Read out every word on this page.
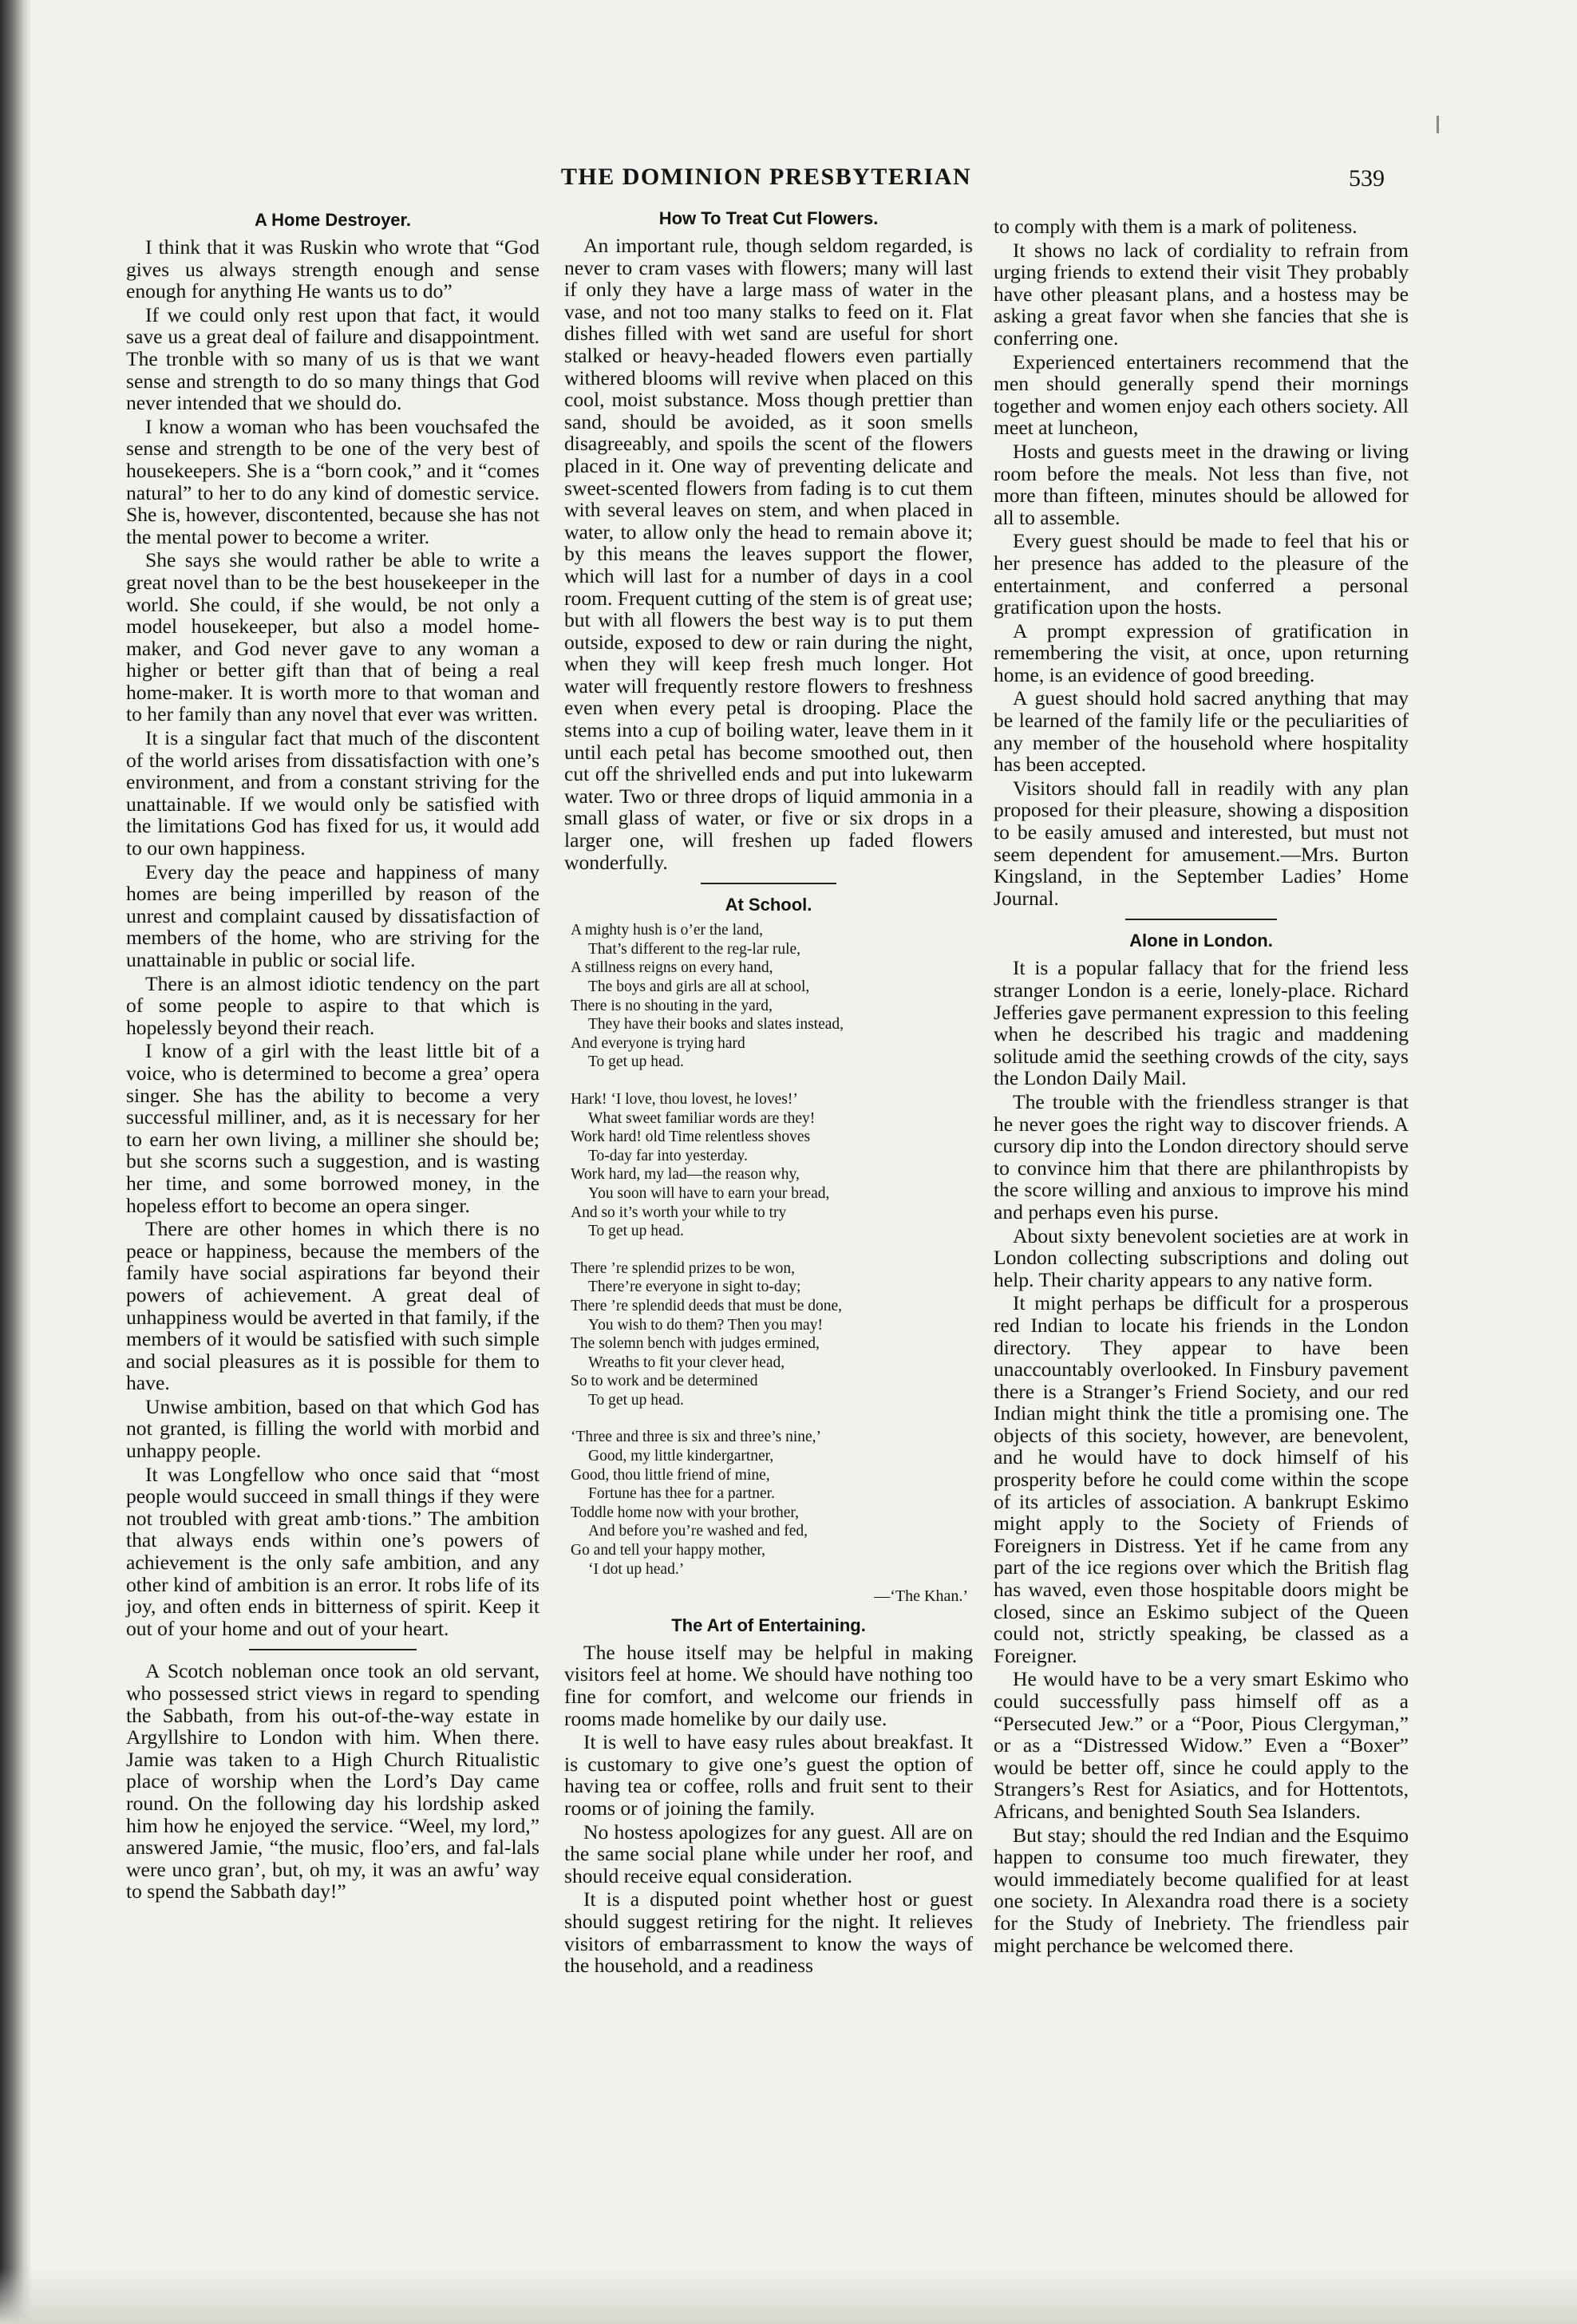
THE DOMINION PRESBYTERIAN	539
A Home Destroyer.

I think that it was Ruskin who wrote that “God gives us always strength enough and sense enough for anything He wants us to do”

If we could only rest upon that fact, it would save us a great deal of failure and disappointment. The tronble with so many of us is that we want sense and strength to do so many things that God never intended that we should do.

I know a woman who has been vouchsafed the sense and strength to be one of the very best of housekeepers. She is a “born cook,” and it “comes natural” to her to do any kind of domestic service. She is, however, discontented, because she has not the mental power to become a writer.

She says she would rather be able to write a great novel than to be the best housekeeper in the world. She could, if she would, be not only a model housekeeper, but also a model home-maker, and God never gave to any woman a higher or better gift than that of being a real home-maker. It is worth more to that woman and to her family than any novel that ever was written.

It is a singular fact that much of the discontent of the world arises from dissatisfaction with one’s environment, and from a constant striving for the unattainable. If we would only be satisfied with the limitations God has fixed for us, it would add to our own happiness.

Every day the peace and happiness of many homes are being imperilled by reason of the unrest and complaint caused by dissatisfaction of members of the home, who are striving for the unattainable in public or social life.

There is an almost idiotic tendency on the part of some people to aspire to that which is hopelessly beyond their reach.

I know of a girl with the least little bit of a voice, who is determined to become a grea’ opera singer. She has the ability to become a very successful milliner, and, as it is necessary for her to earn her own living, a milliner she should be; but she scorns such a suggestion, and is wasting her time, and some borrowed money, in the hopeless effort to become an opera singer.

There are other homes in which there is no peace or happiness, because the members of the family have social aspirations far beyond their powers of achievement. A great deal of unhappiness would be averted in that family, if the members of it would be satisfied with such simple and social pleasures as it is possible for them to have.

Unwise ambition, based on that which God has not granted, is filling the world with morbid and unhappy people.

It was Longfellow who once said that “most people would succeed in small things if they were not troubled with great amb·tions.” The ambition that always ends within one’s powers of achievement is the only safe ambition, and any other kind of ambition is an error. It robs life of its joy, and often ends in bitterness of spirit. Keep it out of your home and out of your heart.

A Scotch nobleman once took an old servant, who possessed strict views in regard to spending the Sabbath, from his out-of-the-way estate in Argyllshire to London with him. When there. Jamie was taken to a High Church Ritualistic place of worship when the Lord’s Day came round. On the following day his lordship asked him how he enjoyed the service. “Weel, my lord,” answered Jamie, “the music, floo’ers, and fal-lals were unco gran’, but, oh my, it was an awfu’ way to spend the Sabbath day!”

How To Treat Cut Flowers.

An important rule, though seldom regarded, is never to cram vases with flowers; many will last if only they have a large mass of water in the vase, and not too many stalks to feed on it. Flat dishes filled with wet sand are useful for short stalked or heavy-headed flowers even partially withered blooms will revive when placed on this cool, moist substance. Moss though prettier than sand, should be avoided, as it soon smells disagreeably, and spoils the scent of the flowers placed in it. One way of preventing delicate and sweet-scented flowers from fading is to cut them with several leaves on stem, and when placed in water, to allow only the head to remain above it; by this means the leaves support the flower, which will last for a number of days in a cool room. Frequent cutting of the stem is of great use; but with all flowers the best way is to put them outside, exposed to dew or rain during the night, when they will keep fresh much longer. Hot water will frequently restore flowers to freshness even when every petal is drooping. Place the stems into a cup of boiling water, leave them in it until each petal has become smoothed out, then cut off the shrivelled ends and put into lukewarm water. Two or three drops of liquid ammonia in a small glass of water, or five or six drops in a larger one, will freshen up faded flowers wonderfully.

At School.
A mighty hush is o’er the land,
That’s different to the reg-lar rule,
A stillness reigns on every hand,
The boys and girls are all at school,
There is no shouting in the yard,
They have their books and slates instead,
And everyone is trying hard
To get up head.
Hark! ‘I love, thou lovest, he loves!’
What sweet familiar words are they!
Work hard! old Time relentless shoves
To-day far into yesterday.
Work hard, my lad—the reason why,
You soon will have to earn your bread,
And so it’s worth your while to try
To get up head.
There ’re splendid prizes to be won,
There’re everyone in sight to-day;
There ’re splendid deeds that must be done,
You wish to do them? Then you may!
The solemn bench with judges ermined,
Wreaths to fit your clever head,
So to work and be determined
To get up head.
‘Three and three is six and three’s nine,’
Good, my little kindergartner,
Good, thou little friend of mine,
Fortune has thee for a partner.
Toddle home now with your brother,
And before you’re washed and fed,
Go and tell your happy mother,
‘I dot up head.’
—‘The Khan.’
The Art of Entertaining.

The house itself may be helpful in making visitors feel at home. We should have nothing too fine for comfort, and welcome our friends in rooms made homelike by our daily use.

It is well to have easy rules about breakfast. It is customary to give one’s guest the option of having tea or coffee, rolls and fruit sent to their rooms or of joining the family.

No hostess apologizes for any guest. All are on the same social plane while under her roof, and should receive equal consideration.

It is a disputed point whether host or guest should suggest retiring for the night. It relieves visitors of embarrassment to know the ways of the household, and a readiness

to comply with them is a mark of politeness.

It shows no lack of cordiality to refrain from urging friends to extend their visit They probably have other pleasant plans, and a hostess may be asking a great favor when she fancies that she is conferring one.

Experienced entertainers recommend that the men should generally spend their mornings together and women enjoy each others society. All meet at luncheon,

Hosts and guests meet in the drawing or living room before the meals. Not less than five, not more than fifteen, minutes should be allowed for all to assemble.

Every guest should be made to feel that his or her presence has added to the pleasure of the entertainment, and conferred a personal gratification upon the hosts.

A prompt expression of gratification in remembering the visit, at once, upon returning home, is an evidence of good breeding.

A guest should hold sacred anything that may be learned of the family life or the peculiarities of any member of the household where hospitality has been accepted.

Visitors should fall in readily with any plan proposed for their pleasure, showing a disposition to be easily amused and interested, but must not seem dependent for amusement.—Mrs. Burton Kingsland, in the September Ladies’ Home Journal.

Alone in London.

It is a popular fallacy that for the friend less stranger London is a eerie, lonely-place. Richard Jefferies gave permanent expression to this feeling when he described his tragic and maddening solitude amid the seething crowds of the city, says the London Daily Mail.

The trouble with the friendless stranger is that he never goes the right way to discover friends. A cursory dip into the London directory should serve to convince him that there are philanthropists by the score willing and anxious to improve his mind and perhaps even his purse.

About sixty benevolent societies are at work in London collecting subscriptions and doling out help. Their charity appears to any native form.

It might perhaps be difficult for a prosperous red Indian to locate his friends in the London directory. They appear to have been unaccountably overlooked. In Finsbury pavement there is a Stranger’s Friend Society, and our red Indian might think the title a promising one. The objects of this society, however, are benevolent, and he would have to dock himself of his prosperity before he could come within the scope of its articles of association. A bankrupt Eskimo might apply to the Society of Friends of Foreigners in Distress. Yet if he came from any part of the ice regions over which the British flag has waved, even those hospitable doors might be closed, since an Eskimo subject of the Queen could not, strictly speaking, be classed as a Foreigner.

He would have to be a very smart Eskimo who could successfully pass himself off as a “Persecuted Jew.” or a “Poor, Pious Clergyman,” or as a “Distressed Widow.” Even a “Boxer” would be better off, since he could apply to the Strangers’s Rest for Asiatics, and for Hottentots, Africans, and benighted South Sea Islanders.

But stay; should the red Indian and the Esquimo happen to consume too much firewater, they would immediately become qualified for at least one society. In Alexandra road there is a society for the Study of Inebriety. The friendless pair might perchance be welcomed there.
